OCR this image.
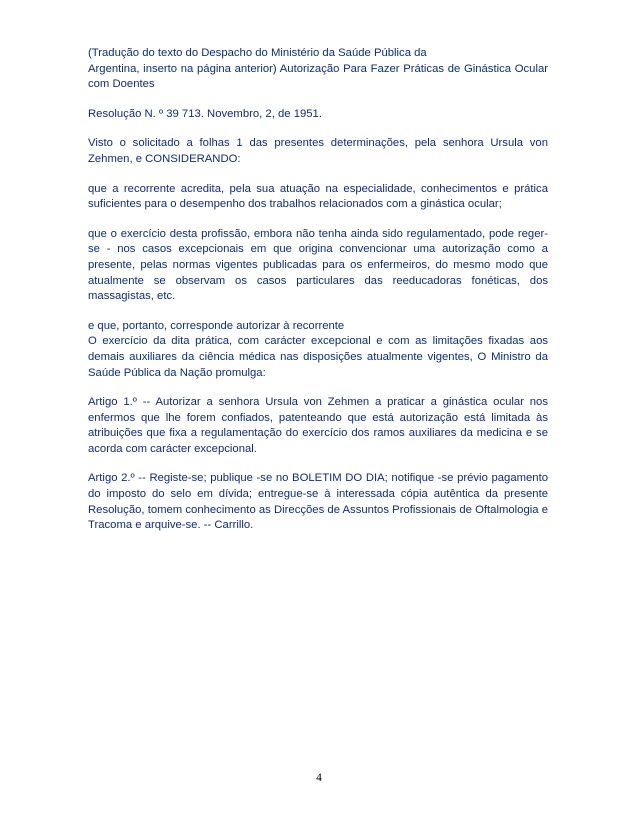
(Tradução do texto do Despacho do Ministério da Saúde Pública da
Argentina, inserto na página anterior) Autorização Para Fazer Práticas de Ginástica Ocular com Doentes
Resolução N. º 39 713. Novembro, 2, de 1951.
Visto o solicitado a folhas 1 das presentes determinações, pela senhora Ursula von Zehmen, e CONSIDERANDO:
que a recorrente acredita, pela sua atuação na especialidade, conhecimentos e prática suficientes para o desempenho dos trabalhos relacionados com a ginástica ocular;
que o exercício desta profissão, embora não tenha ainda sido regulamentado, pode reger-se - nos casos excepcionais em que origina convencionar uma autorização como a presente, pelas normas vigentes publicadas para os enfermeiros, do mesmo modo que atualmente se observam os casos particulares das reeducadoras fonéticas, dos massagistas, etc.
e que, portanto, corresponde autorizar à recorrente
O exercício da dita prática, com carácter excepcional e com as limitações fixadas aos demais auxiliares da ciência médica nas disposições atualmente vigentes, O Ministro da Saúde Pública da Nação promulga:
Artigo 1.º -- Autorizar a senhora Ursula von Zehmen a praticar a ginástica ocular nos enfermos que lhe forem confiados, patenteando que está autorização está limitada às atribuições que fixa a regulamentação do exercício dos ramos auxiliares da medicina e se acorda com carácter excepcional.
Artigo 2.º -- Registe-se; publique -se no BOLETIM DO DIA; notifique -se prévio pagamento do imposto do selo em dívida; entregue-se à interessada cópia autêntica da presente Resolução, tomem conhecimento as Direcções de Assuntos Profissionais de Oftalmologia e Tracoma e arquive-se. -- Carrillo.
4
